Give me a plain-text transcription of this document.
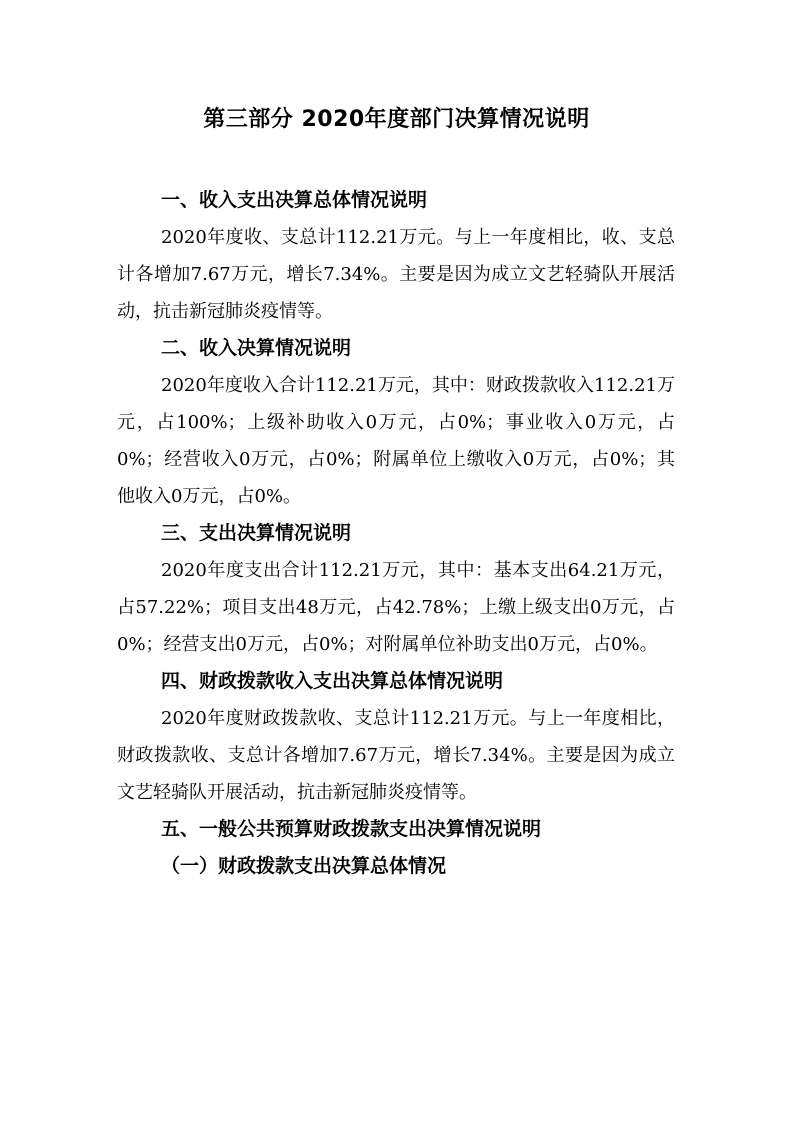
第三部分 2020年度部门决算情况说明

一、收入支出决算总体情况说明

2020年度收、支总计112.21万元。与上一年度相比，收、支总计各增加7.67万元，增长7.34%。主要是因为成立文艺轻骑队开展活动，抗击新冠肺炎疫情等。

二、收入决算情况说明

2020年度收入合计112.21万元，其中：财政拨款收入112.21万元，占100%；上级补助收入0万元，占0%；事业收入0万元，占0%；经营收入0万元，占0%；附属单位上缴收入0万元，占0%；其他收入0万元，占0%。

三、支出决算情况说明

2020年度支出合计112.21万元，其中：基本支出64.21万元，占57.22%；项目支出48万元，占42.78%；上缴上级支出0万元，占0%；经营支出0万元，占0%；对附属单位补助支出0万元，占0%。

四、财政拨款收入支出决算总体情况说明

2020年度财政拨款收、支总计112.21万元。与上一年度相比，财政拨款收、支总计各增加7.67万元，增长7.34%。主要是因为成立文艺轻骑队开展活动，抗击新冠肺炎疫情等。

五、一般公共预算财政拨款支出决算情况说明

（一）财政拨款支出决算总体情况
